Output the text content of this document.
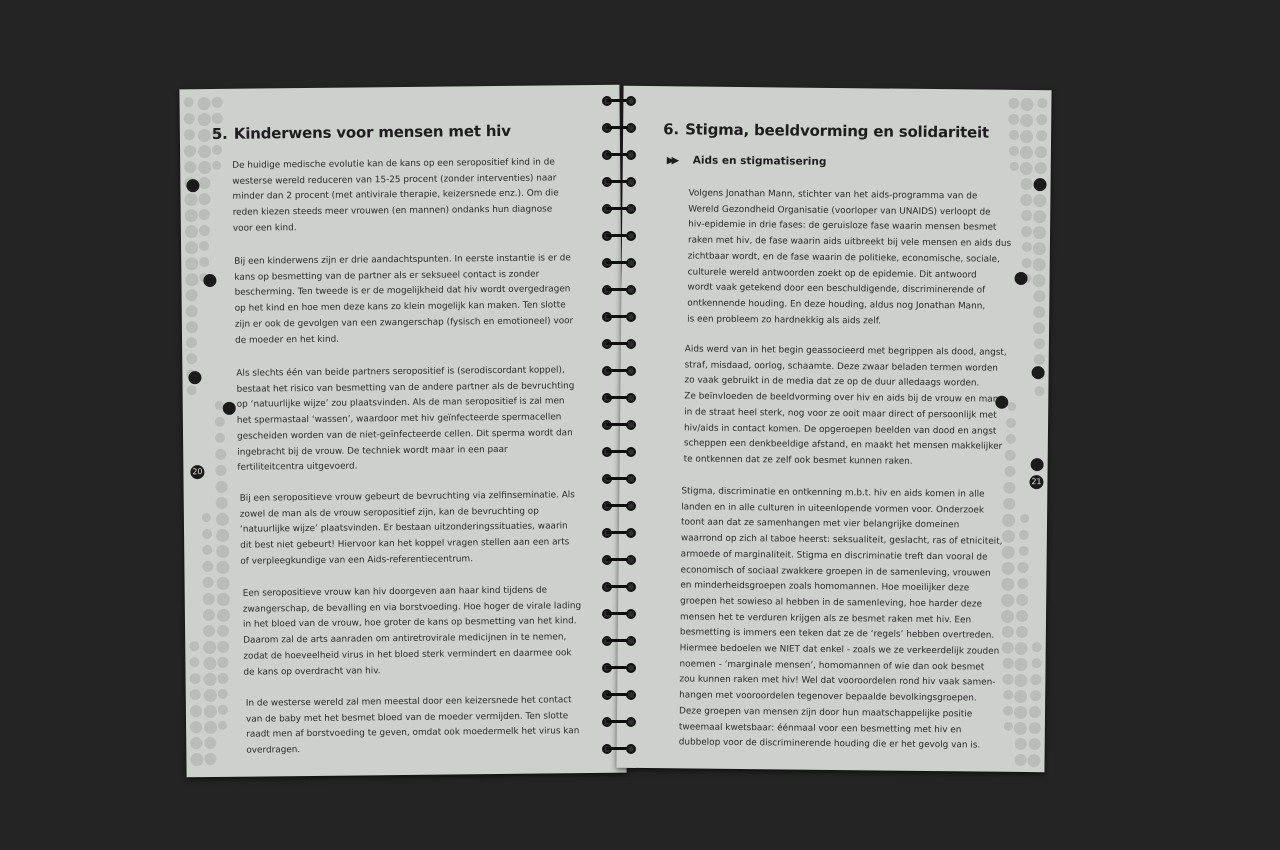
20
5. Kinderwens voor mensen met hiv

De huidige medische evolutie kan de kans op een seropositief kind in de
westerse wereld reduceren van 15-25 procent (zonder interventies) naar
minder dan 2 procent (met antivirale therapie, keizersnede enz.). Om die
reden kiezen steeds meer vrouwen (en mannen) ondanks hun diagnose
voor een kind.

Bij een kinderwens zijn er drie aandachtspunten. In eerste instantie is er de
kans op besmetting van de partner als er seksueel contact is zonder
bescherming. Ten tweede is er de mogelijkheid dat hiv wordt overgedragen
op het kind en hoe men deze kans zo klein mogelijk kan maken. Ten slotte
zijn er ook de gevolgen van een zwangerschap (fysisch en emotioneel) voor
de moeder en het kind.

Als slechts één van beide partners seropositief is (serodiscordant koppel),
bestaat het risico van besmetting van de andere partner als de bevruchting
op ‘natuurlijke wijze’ zou plaatsvinden. Als de man seropositief is zal men
het spermastaal ‘wassen’, waardoor met hiv geïnfecteerde spermacellen
gescheiden worden van de niet-geïnfecteerde cellen. Dit sperma wordt dan
ingebracht bij de vrouw. De techniek wordt maar in een paar
fertiliteitcentra uitgevoerd.

Bij een seropositieve vrouw gebeurt de bevruchting via zelfinseminatie. Als
zowel de man als de vrouw seropositief zijn, kan de bevruchting op
‘natuurlijke wijze’ plaatsvinden. Er bestaan uitzonderingssituaties, waarin
dit best niet gebeurt! Hiervoor kan het koppel vragen stellen aan een arts
of verpleegkundige van een Aids-referentiecentrum.

Een seropositieve vrouw kan hiv doorgeven aan haar kind tijdens de
zwangerschap, de bevalling en via borstvoeding. Hoe hoger de virale lading
in het bloed van de vrouw, hoe groter de kans op besmetting van het kind.
Daarom zal de arts aanraden om antiretrovirale medicijnen in te nemen,
zodat de hoeveelheid virus in het bloed sterk vermindert en daarmee ook
de kans op overdracht van hiv.

In de westerse wereld zal men meestal door een keizersnede het contact
van de baby met het besmet bloed van de moeder vermijden. Ten slotte
raadt men af borstvoeding te geven, omdat ook moedermelk het virus kan
overdragen.

21
6. Stigma, beeldvorming en solidariteit
▶▶ Aids en stigmatisering

Volgens Jonathan Mann, stichter van het aids-programma van de
Wereld Gezondheid Organisatie (voorloper van UNAIDS) verloopt de
hiv-epidemie in drie fases: de geruisloze fase waarin mensen besmet
raken met hiv, de fase waarin aids uitbreekt bij vele mensen en aids dus
zichtbaar wordt, en de fase waarin de politieke, economische, sociale,
culturele wereld antwoorden zoekt op de epidemie. Dit antwoord
wordt vaak getekend door een beschuldigende, discriminerende of
ontkennende houding. En deze houding, aldus nog Jonathan Mann,
is een probleem zo hardnekkig als aids zelf.

Aids werd van in het begin geassocieerd met begrippen als dood, angst,
straf, misdaad, oorlog, schaamte. Deze zwaar beladen termen worden
zo vaak gebruikt in de media dat ze op de duur alledaags worden.
Ze beïnvloeden de beeldvorming over hiv en aids bij de vrouw en man
in de straat heel sterk, nog voor ze ooit maar direct of persoonlijk met
hiv/aids in contact komen. De opgeroepen beelden van dood en angst
scheppen een denkbeeldige afstand, en maakt het mensen makkelijker
te ontkennen dat ze zelf ook besmet kunnen raken.

Stigma, discriminatie en ontkenning m.b.t. hiv en aids komen in alle
landen en in alle culturen in uiteenlopende vormen voor. Onderzoek
toont aan dat ze samenhangen met vier belangrijke domeinen
waarrond op zich al taboe heerst: seksualiteit, geslacht, ras of etniciteit,
armoede of marginaliteit. Stigma en discriminatie treft dan vooral de
economisch of sociaal zwakkere groepen in de samenleving, vrouwen
en minderheidsgroepen zoals homomannen. Hoe moeilijker deze
groepen het sowieso al hebben in de samenleving, hoe harder deze
mensen het te verduren krijgen als ze besmet raken met hiv. Een
besmetting is immers een teken dat ze de ‘regels’ hebben overtreden.
Hiermee bedoelen we NIET dat enkel - zoals we ze verkeerdelijk zouden
noemen - ‘marginale mensen’, homomannen of wie dan ook besmet
zou kunnen raken met hiv! Wel dat vooroordelen rond hiv vaak samen-
hangen met vooroordelen tegenover bepaalde bevolkingsgroepen.
Deze groepen van mensen zijn door hun maatschappelijke positie
tweemaal kwetsbaar: éénmaal voor een besmetting met hiv en
dubbelop voor de discriminerende houding die er het gevolg van is.
